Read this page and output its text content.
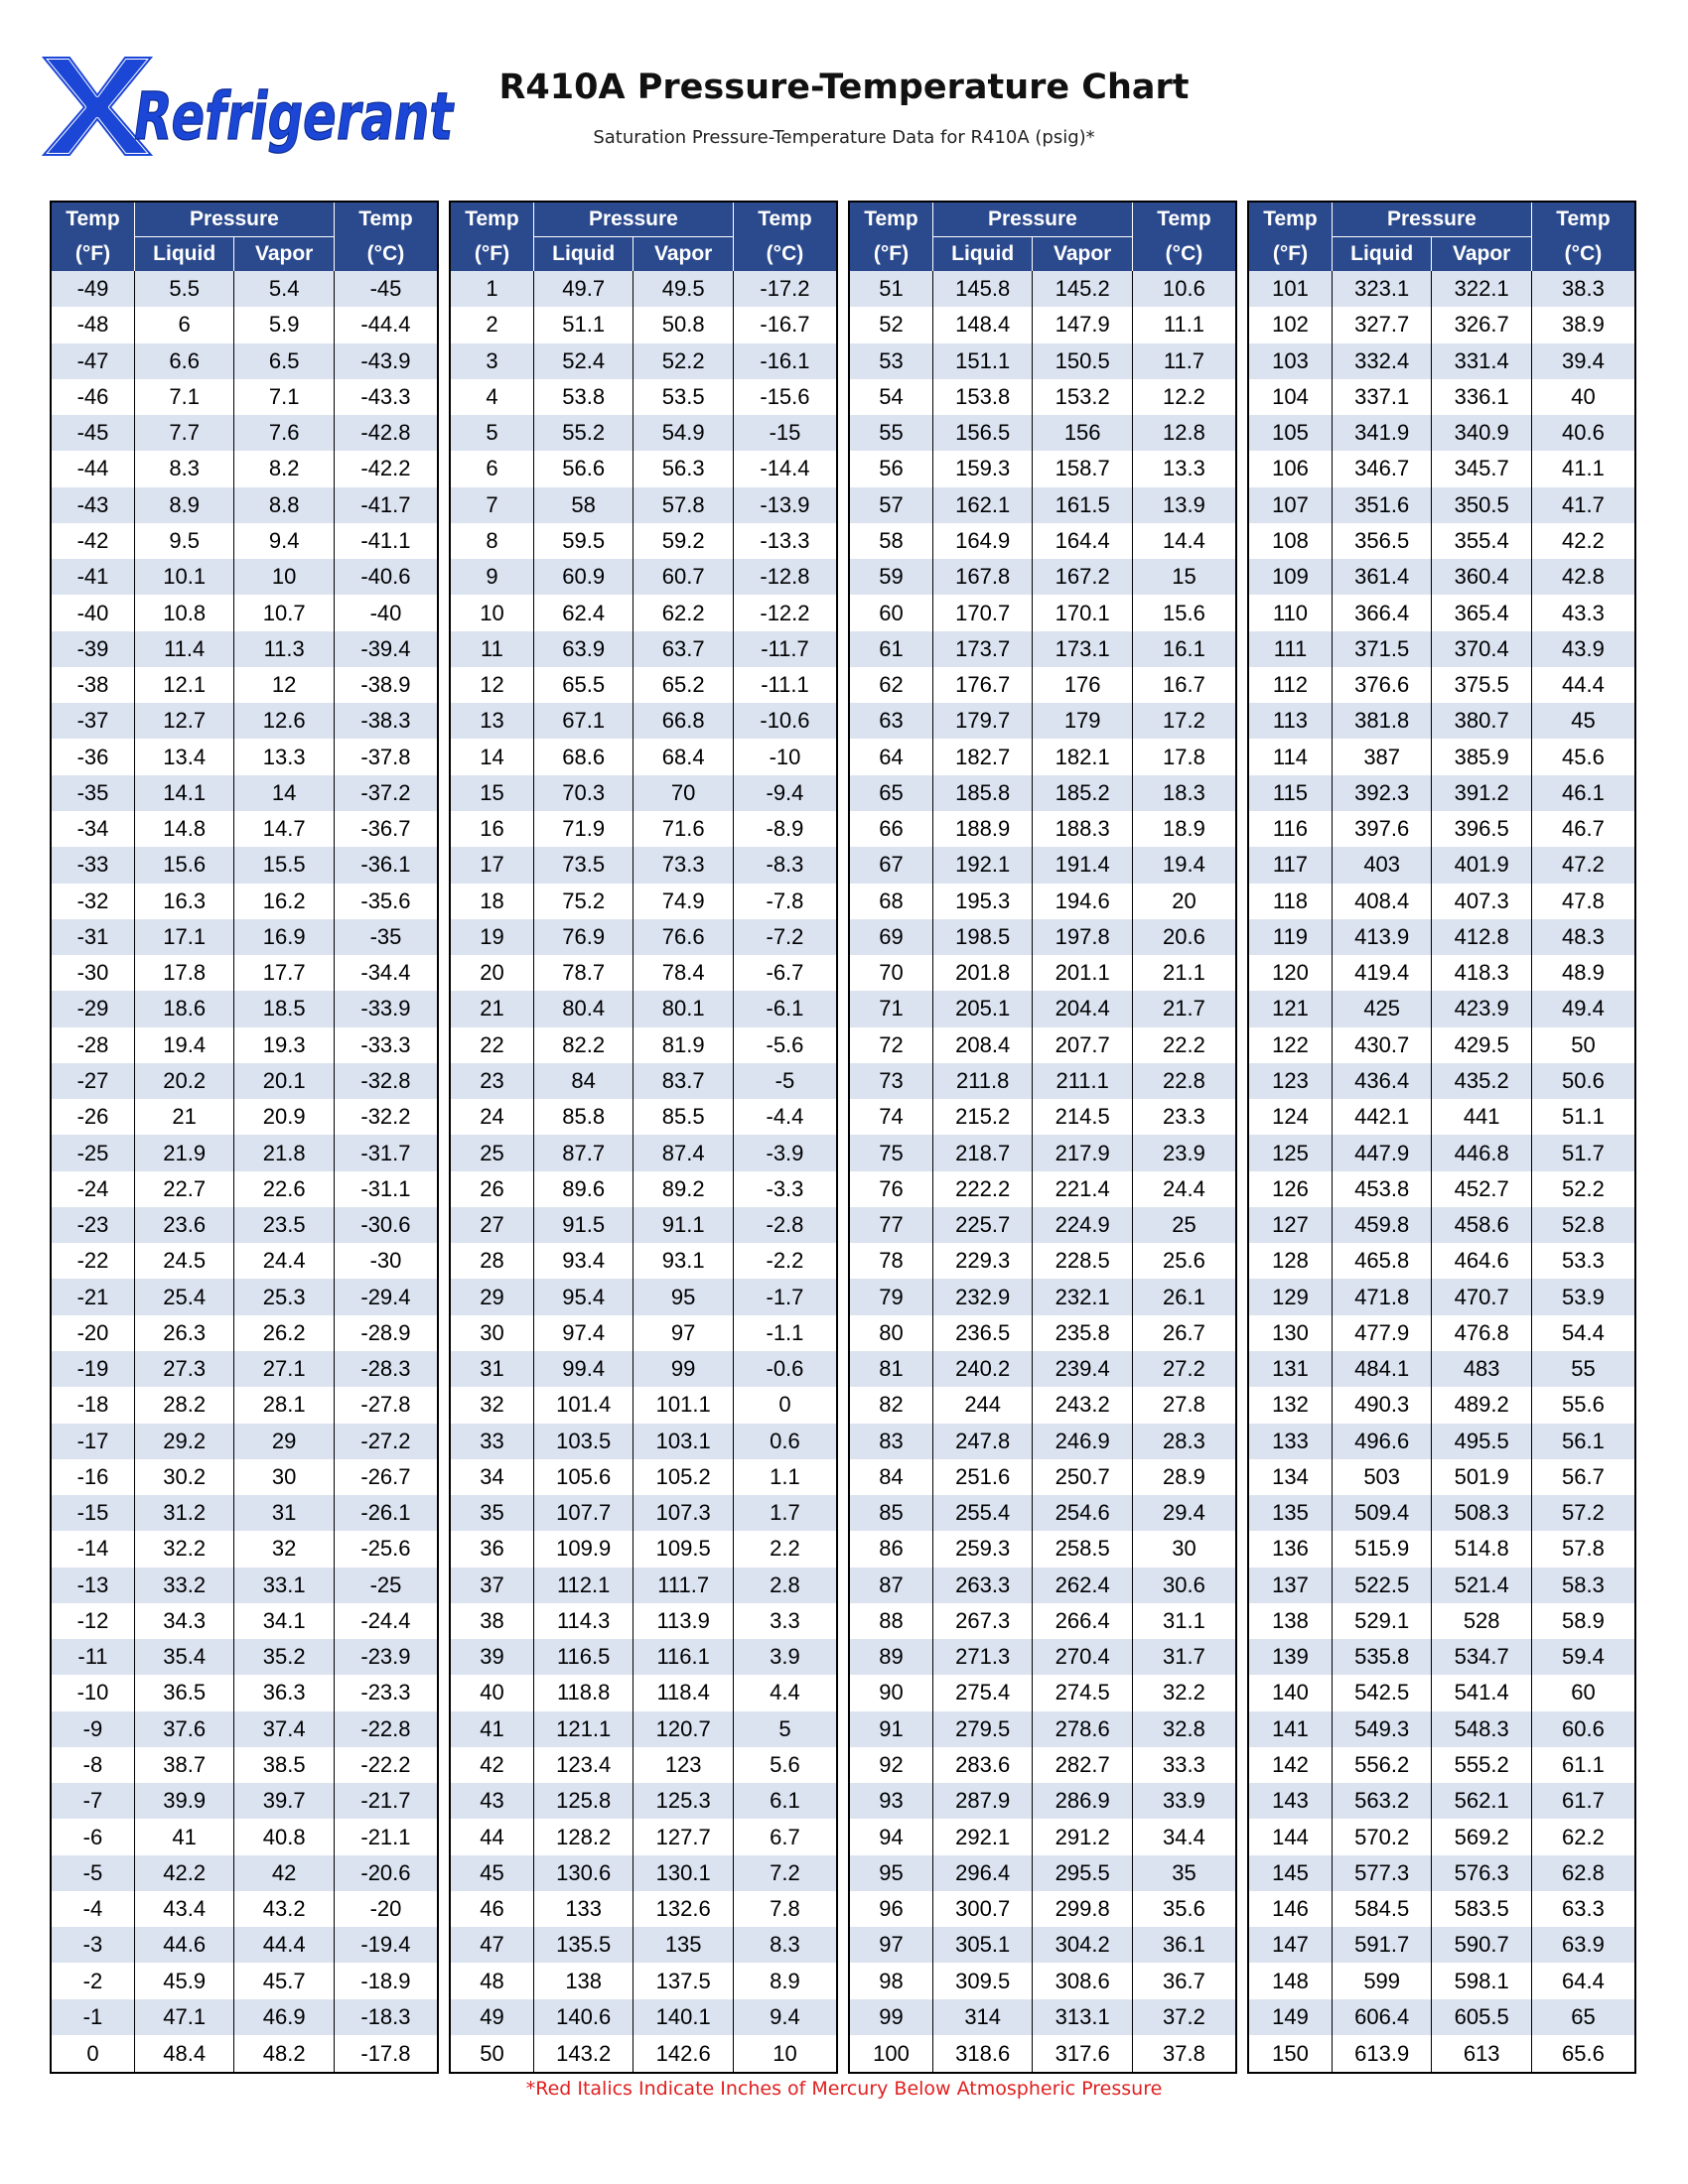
Refrigerant
R410A Pressure-Temperature Chart
Saturation Pressure-Temperature Data for R410A (psig)*
Temp	Pressure		Temp
(°F)	Liquid	Vapor	(°C)
-49	5.5	5.4	-45
-48	6	5.9	-44.4
-47	6.6	6.5	-43.9
-46	7.1	7.1	-43.3
-45	7.7	7.6	-42.8
-44	8.3	8.2	-42.2
-43	8.9	8.8	-41.7
-42	9.5	9.4	-41.1
-41	10.1	10	-40.6
-40	10.8	10.7	-40
-39	11.4	11.3	-39.4
-38	12.1	12	-38.9
-37	12.7	12.6	-38.3
-36	13.4	13.3	-37.8
-35	14.1	14	-37.2
-34	14.8	14.7	-36.7
-33	15.6	15.5	-36.1
-32	16.3	16.2	-35.6
-31	17.1	16.9	-35
-30	17.8	17.7	-34.4
-29	18.6	18.5	-33.9
-28	19.4	19.3	-33.3
-27	20.2	20.1	-32.8
-26	21	20.9	-32.2
-25	21.9	21.8	-31.7
-24	22.7	22.6	-31.1
-23	23.6	23.5	-30.6
-22	24.5	24.4	-30
-21	25.4	25.3	-29.4
-20	26.3	26.2	-28.9
-19	27.3	27.1	-28.3
-18	28.2	28.1	-27.8
-17	29.2	29	-27.2
-16	30.2	30	-26.7
-15	31.2	31	-26.1
-14	32.2	32	-25.6
-13	33.2	33.1	-25
-12	34.3	34.1	-24.4
-11	35.4	35.2	-23.9
-10	36.5	36.3	-23.3
-9	37.6	37.4	-22.8
-8	38.7	38.5	-22.2
-7	39.9	39.7	-21.7
-6	41	40.8	-21.1
-5	42.2	42	-20.6
-4	43.4	43.2	-20
-3	44.6	44.4	-19.4
-2	45.9	45.7	-18.9
-1	47.1	46.9	-18.3
0	48.4	48.2	-17.8
Temp	Pressure		Temp
(°F)	Liquid	Vapor	(°C)
1	49.7	49.5	-17.2
2	51.1	50.8	-16.7
3	52.4	52.2	-16.1
4	53.8	53.5	-15.6
5	55.2	54.9	-15
6	56.6	56.3	-14.4
7	58	57.8	-13.9
8	59.5	59.2	-13.3
9	60.9	60.7	-12.8
10	62.4	62.2	-12.2
11	63.9	63.7	-11.7
12	65.5	65.2	-11.1
13	67.1	66.8	-10.6
14	68.6	68.4	-10
15	70.3	70	-9.4
16	71.9	71.6	-8.9
17	73.5	73.3	-8.3
18	75.2	74.9	-7.8
19	76.9	76.6	-7.2
20	78.7	78.4	-6.7
21	80.4	80.1	-6.1
22	82.2	81.9	-5.6
23	84	83.7	-5
24	85.8	85.5	-4.4
25	87.7	87.4	-3.9
26	89.6	89.2	-3.3
27	91.5	91.1	-2.8
28	93.4	93.1	-2.2
29	95.4	95	-1.7
30	97.4	97	-1.1
31	99.4	99	-0.6
32	101.4	101.1	0
33	103.5	103.1	0.6
34	105.6	105.2	1.1
35	107.7	107.3	1.7
36	109.9	109.5	2.2
37	112.1	111.7	2.8
38	114.3	113.9	3.3
39	116.5	116.1	3.9
40	118.8	118.4	4.4
41	121.1	120.7	5
42	123.4	123	5.6
43	125.8	125.3	6.1
44	128.2	127.7	6.7
45	130.6	130.1	7.2
46	133	132.6	7.8
47	135.5	135	8.3
48	138	137.5	8.9
49	140.6	140.1	9.4
50	143.2	142.6	10
Temp	Pressure		Temp
(°F)	Liquid	Vapor	(°C)
51	145.8	145.2	10.6
52	148.4	147.9	11.1
53	151.1	150.5	11.7
54	153.8	153.2	12.2
55	156.5	156	12.8
56	159.3	158.7	13.3
57	162.1	161.5	13.9
58	164.9	164.4	14.4
59	167.8	167.2	15
60	170.7	170.1	15.6
61	173.7	173.1	16.1
62	176.7	176	16.7
63	179.7	179	17.2
64	182.7	182.1	17.8
65	185.8	185.2	18.3
66	188.9	188.3	18.9
67	192.1	191.4	19.4
68	195.3	194.6	20
69	198.5	197.8	20.6
70	201.8	201.1	21.1
71	205.1	204.4	21.7
72	208.4	207.7	22.2
73	211.8	211.1	22.8
74	215.2	214.5	23.3
75	218.7	217.9	23.9
76	222.2	221.4	24.4
77	225.7	224.9	25
78	229.3	228.5	25.6
79	232.9	232.1	26.1
80	236.5	235.8	26.7
81	240.2	239.4	27.2
82	244	243.2	27.8
83	247.8	246.9	28.3
84	251.6	250.7	28.9
85	255.4	254.6	29.4
86	259.3	258.5	30
87	263.3	262.4	30.6
88	267.3	266.4	31.1
89	271.3	270.4	31.7
90	275.4	274.5	32.2
91	279.5	278.6	32.8
92	283.6	282.7	33.3
93	287.9	286.9	33.9
94	292.1	291.2	34.4
95	296.4	295.5	35
96	300.7	299.8	35.6
97	305.1	304.2	36.1
98	309.5	308.6	36.7
99	314	313.1	37.2
100	318.6	317.6	37.8
Temp	Pressure		Temp
(°F)	Liquid	Vapor	(°C)
101	323.1	322.1	38.3
102	327.7	326.7	38.9
103	332.4	331.4	39.4
104	337.1	336.1	40
105	341.9	340.9	40.6
106	346.7	345.7	41.1
107	351.6	350.5	41.7
108	356.5	355.4	42.2
109	361.4	360.4	42.8
110	366.4	365.4	43.3
111	371.5	370.4	43.9
112	376.6	375.5	44.4
113	381.8	380.7	45
114	387	385.9	45.6
115	392.3	391.2	46.1
116	397.6	396.5	46.7
117	403	401.9	47.2
118	408.4	407.3	47.8
119	413.9	412.8	48.3
120	419.4	418.3	48.9
121	425	423.9	49.4
122	430.7	429.5	50
123	436.4	435.2	50.6
124	442.1	441	51.1
125	447.9	446.8	51.7
126	453.8	452.7	52.2
127	459.8	458.6	52.8
128	465.8	464.6	53.3
129	471.8	470.7	53.9
130	477.9	476.8	54.4
131	484.1	483	55
132	490.3	489.2	55.6
133	496.6	495.5	56.1
134	503	501.9	56.7
135	509.4	508.3	57.2
136	515.9	514.8	57.8
137	522.5	521.4	58.3
138	529.1	528	58.9
139	535.8	534.7	59.4
140	542.5	541.4	60
141	549.3	548.3	60.6
142	556.2	555.2	61.1
143	563.2	562.1	61.7
144	570.2	569.2	62.2
145	577.3	576.3	62.8
146	584.5	583.5	63.3
147	591.7	590.7	63.9
148	599	598.1	64.4
149	606.4	605.5	65
150	613.9	613	65.6
*Red Italics Indicate Inches of Mercury Below Atmospheric Pressure
